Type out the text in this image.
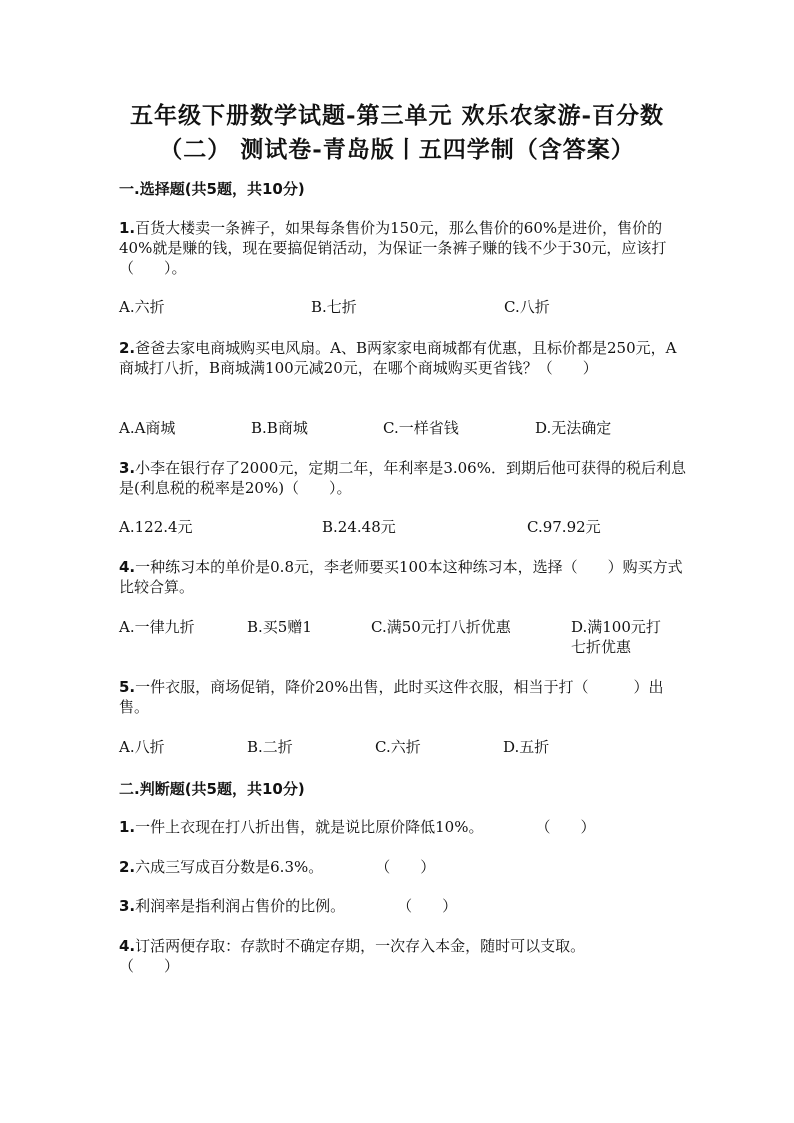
五年级下册数学试题-第三单元 欢乐农家游-百分数
（二） 测试卷-青岛版丨五四学制（含答案）
一.选择题(共5题，共10分)
1.百货大楼卖一条裤子，如果每条售价为150元，那么售价的60%是进价，售价的40%就是赚的钱，现在要搞促销活动，为保证一条裤子赚的钱不少于30元，应该打（　　）。
A.六折	B.七折	C.八折
2.爸爸去家电商城购买电风扇。A、B两家家电商城都有优惠，且标价都是250元，A商城打八折，B商城满100元减20元，在哪个商城购买更省钱？（　　）
A.A商城	B.B商城	C.一样省钱	D.无法确定
3.小李在银行存了2000元，定期二年，年利率是3.06%．到期后他可获得的税后利息是(利息税的税率是20%)（　　）。
A.122.4元	B.24.48元	C.97.92元
4.一种练习本的单价是0.8元，李老师要买100本这种练习本，选择（　　）购买方式比较合算。
A.一律九折	B.买5赠1	C.满50元打八折优惠	D.满100元打七折优惠
5.一件衣服，商场促销，降价20%出售，此时买这件衣服，相当于打（　　　）出售。
A.八折	B.二折	C.六折	D.五折
二.判断题(共5题，共10分)
1.一件上衣现在打八折出售，就是说比原价降低10%。	（　　）
2.六成三写成百分数是6.3%。	（　　）
3.利润率是指利润占售价的比例。	（　　）
4.订活两便存取：存款时不确定存期，一次存入本金，随时可以支取。
（　　）
